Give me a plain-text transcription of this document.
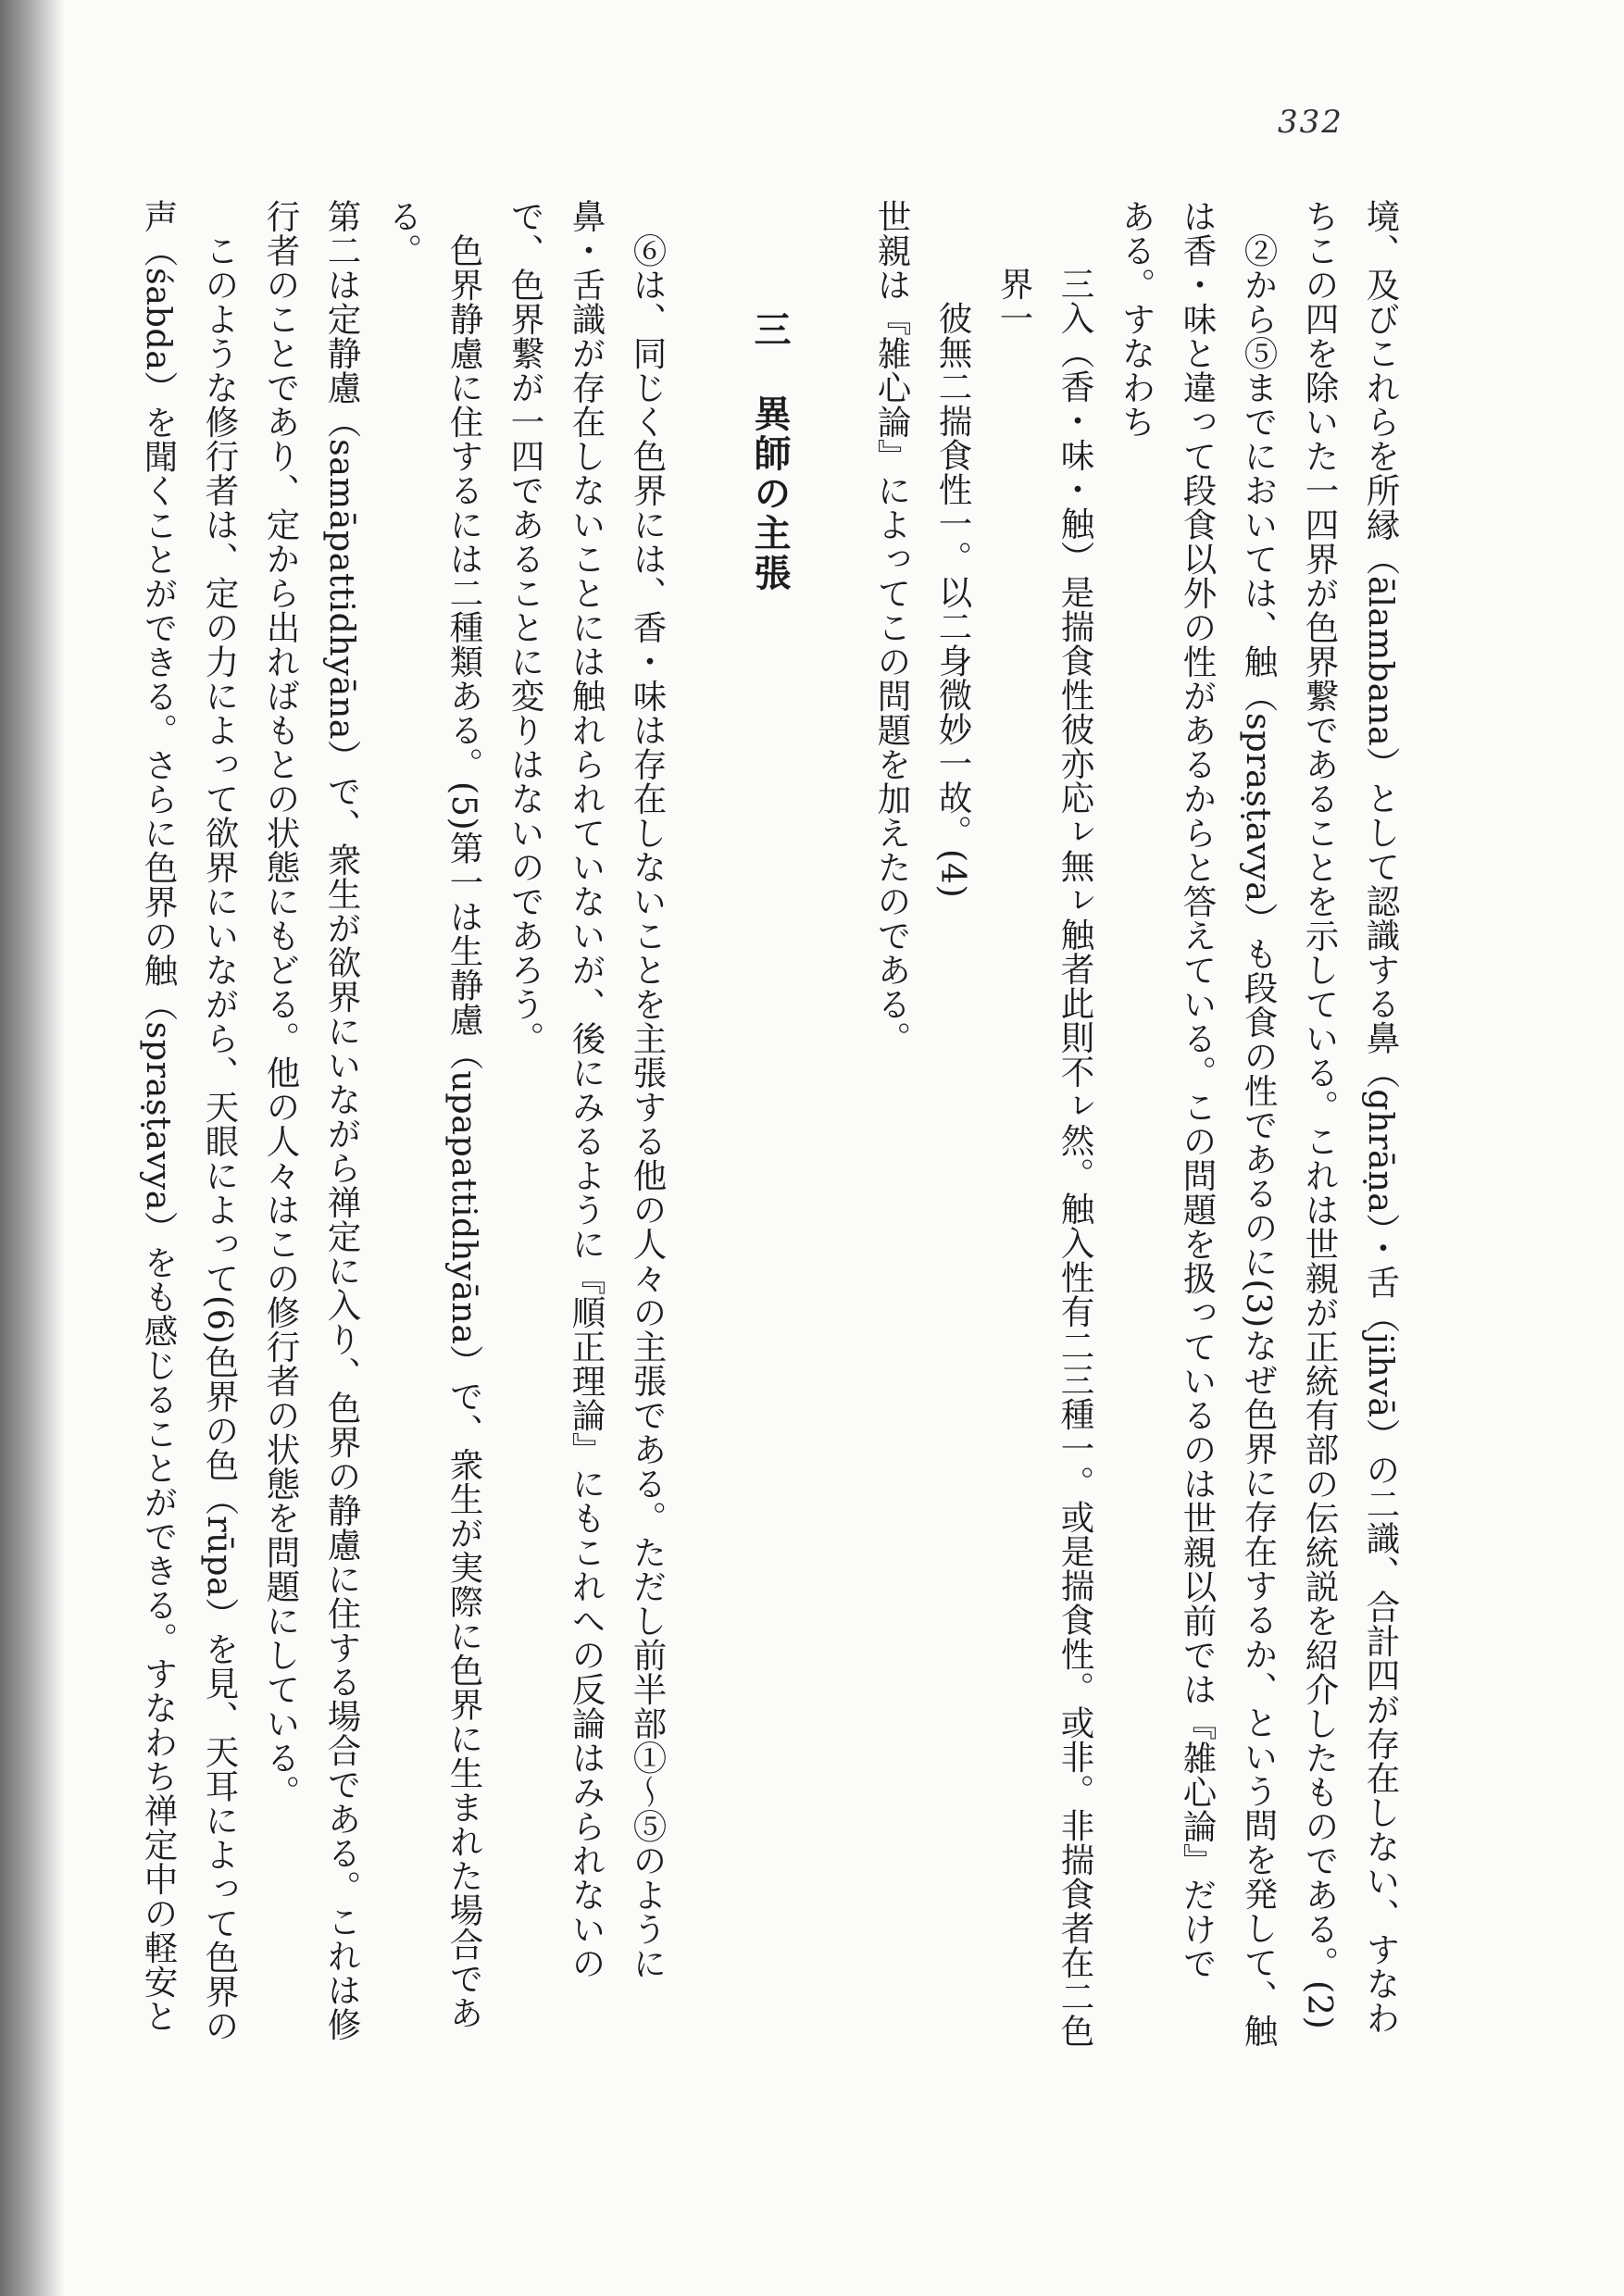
332

境、及びこれらを所縁（ālambana）として認識する鼻（ghrāṇa）・舌（jihvā）の二識、合計四が存在しない、すなわ

ちこの四を除いた一四界が色界繋であることを示している。これは世親が正統有部の伝統説を紹介したものである。(2)

②から⑤までにおいては、触（spraṣṭavya）も段食の性であるのに(3)なぜ色界に存在するか、という問を発して、触

は香・味と違って段食以外の性があるからと答えている。この問題を扱っているのは世親以前では『雑心論』だけで

ある。すなわち

三入（香・味・触）是揣食性彼亦応ㇾ無ㇾ触者此則不ㇾ然。触入性有二三種一。或是揣食性。或非。非揣食者在二色界一

彼無二揣食性一。以二身微妙一故。(4)

世親は『雑心論』によってこの問題を加えたのである。

三異師の主張

⑥は、同じく色界には、香・味は存在しないことを主張する他の人々の主張である。ただし前半部①〜⑤のように

鼻・舌識が存在しないことには触れられていないが、後にみるように『順正理論』にもこれへの反論はみられないの

で、色界繋が一四であることに変りはないのであろう。

色界静慮に住するには二種類ある。(5)第一は生静慮（upapattidhyāna）で、衆生が実際に色界に生まれた場合である。

第二は定静慮（samāpattidhyāna）で、衆生が欲界にいながら禅定に入り、色界の静慮に住する場合である。これは修

行者のことであり、定から出ればもとの状態にもどる。他の人々はこの修行者の状態を問題にしている。

このような修行者は、定の力によって欲界にいながら、天眼によって(6)色界の色（rūpa）を見、天耳によって色界の

声（śabda）を聞くことができる。さらに色界の触（spraṣṭavya）をも感じることができる。すなわち禅定中の軽安と
